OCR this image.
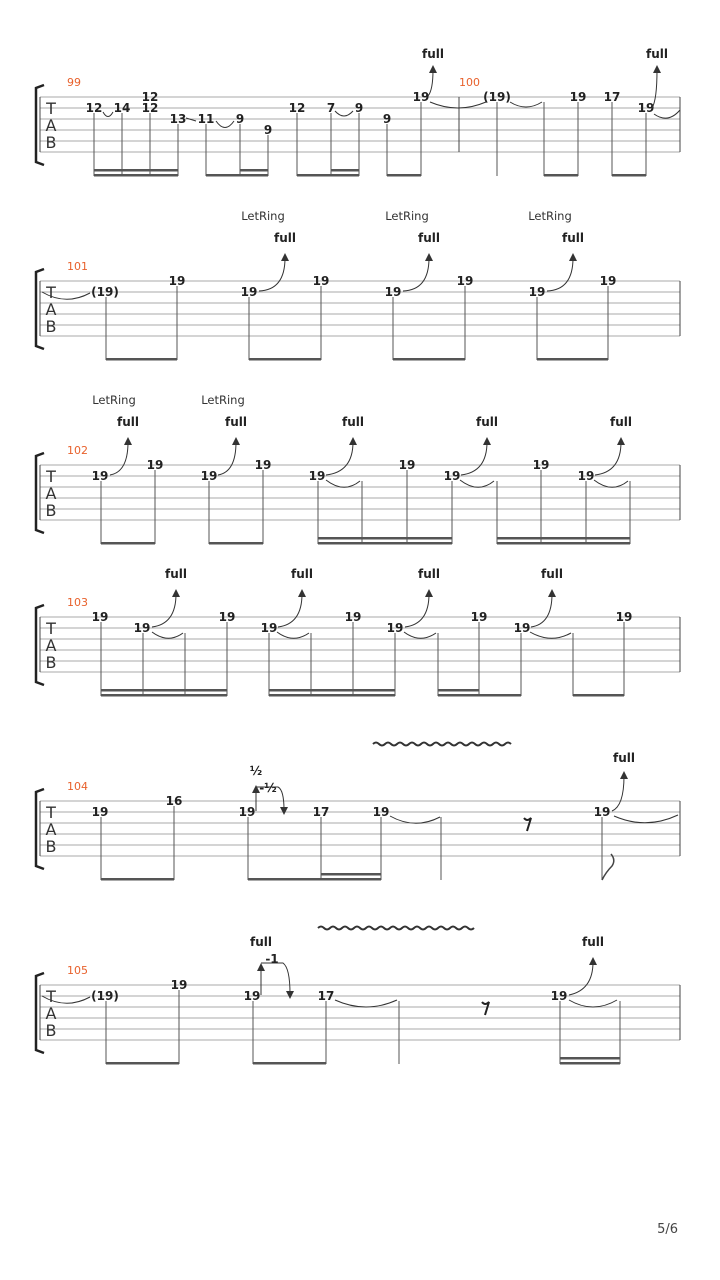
T
A
B
99	100
12 14
12
12
13 11 9
9
12 7 9
9
19	(19)	19 17
19
full	full
T
A
B
101
LetRing	LetRing	LetRing
(19)
19
19
19
19
19
19
19
full	full	full
T
A
B
102
LetRing	LetRing
19
19
19
19
19
19
19
19
19
full	full	full	full	full
T
A
B
103
19
19
19
19
19
19
19
19
19
full	full	full	full
T
A
B
104
19
16
19	17	19	19
½
-½
full
T
A
B
105
(19)
19
19	17	19
full
-1
full
5/6
